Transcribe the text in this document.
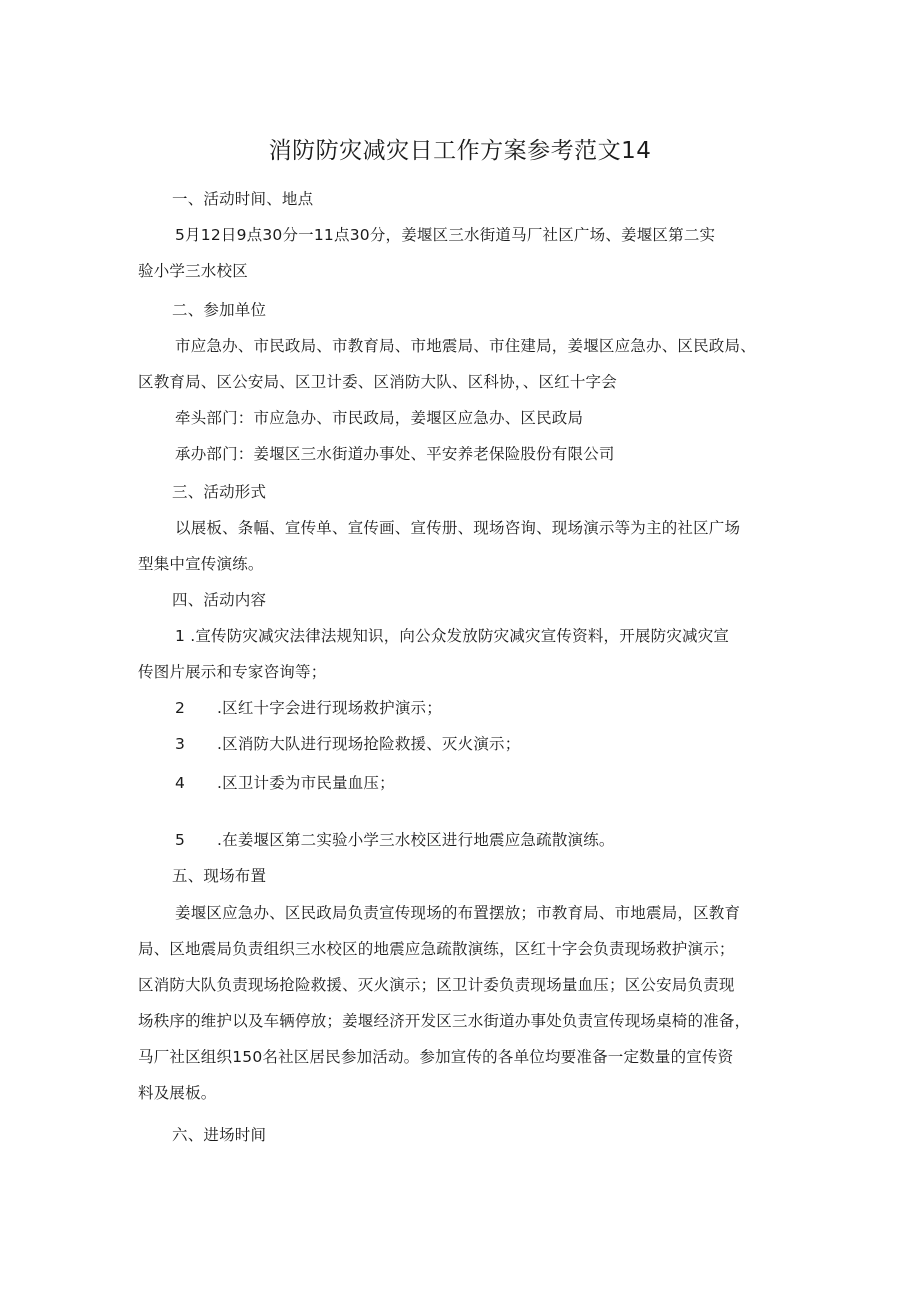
消防防灾减灾日工作方案参考范文14
一、活动时间、地点
5月12日9点30分一11点30分，姜堰区三水街道马厂社区广场、姜堰区第二实
验小学三水校区
二、参加单位
市应急办、市民政局、市教育局、市地震局、市住建局，姜堰区应急办、区民政局、
区教育局、区公安局、区卫计委、区消防大队、区科协，、区红十字会
牵头部门：市应急办、市民政局，姜堰区应急办、区民政局
承办部门：姜堰区三水街道办事处、平安养老保险股份有限公司
三、活动形式
以展板、条幅、宣传单、宣传画、宣传册、现场咨询、现场演示等为主的社区广场
型集中宣传演练。
四、活动内容
1 .宣传防灾减灾法律法规知识，向公众发放防灾减灾宣传资料，开展防灾减灾宣
传图片展示和专家咨询等；
2 .区红十字会进行现场救护演示；
3 .区消防大队进行现场抢险救援、灭火演示；
4 .区卫计委为市民量血压；
5 .在姜堰区第二实验小学三水校区进行地震应急疏散演练。
五、现场布置
姜堰区应急办、区民政局负责宣传现场的布置摆放；市教育局、市地震局，区教育
局、区地震局负责组织三水校区的地震应急疏散演练，区红十字会负责现场救护演示；
区消防大队负责现场抢险救援、灭火演示；区卫计委负责现场量血压；区公安局负责现
场秩序的维护以及车辆停放；姜堰经济开发区三水街道办事处负责宣传现场桌椅的准备，
马厂社区组织150名社区居民参加活动。参加宣传的各单位均要准备一定数量的宣传资
料及展板。
六、进场时间
